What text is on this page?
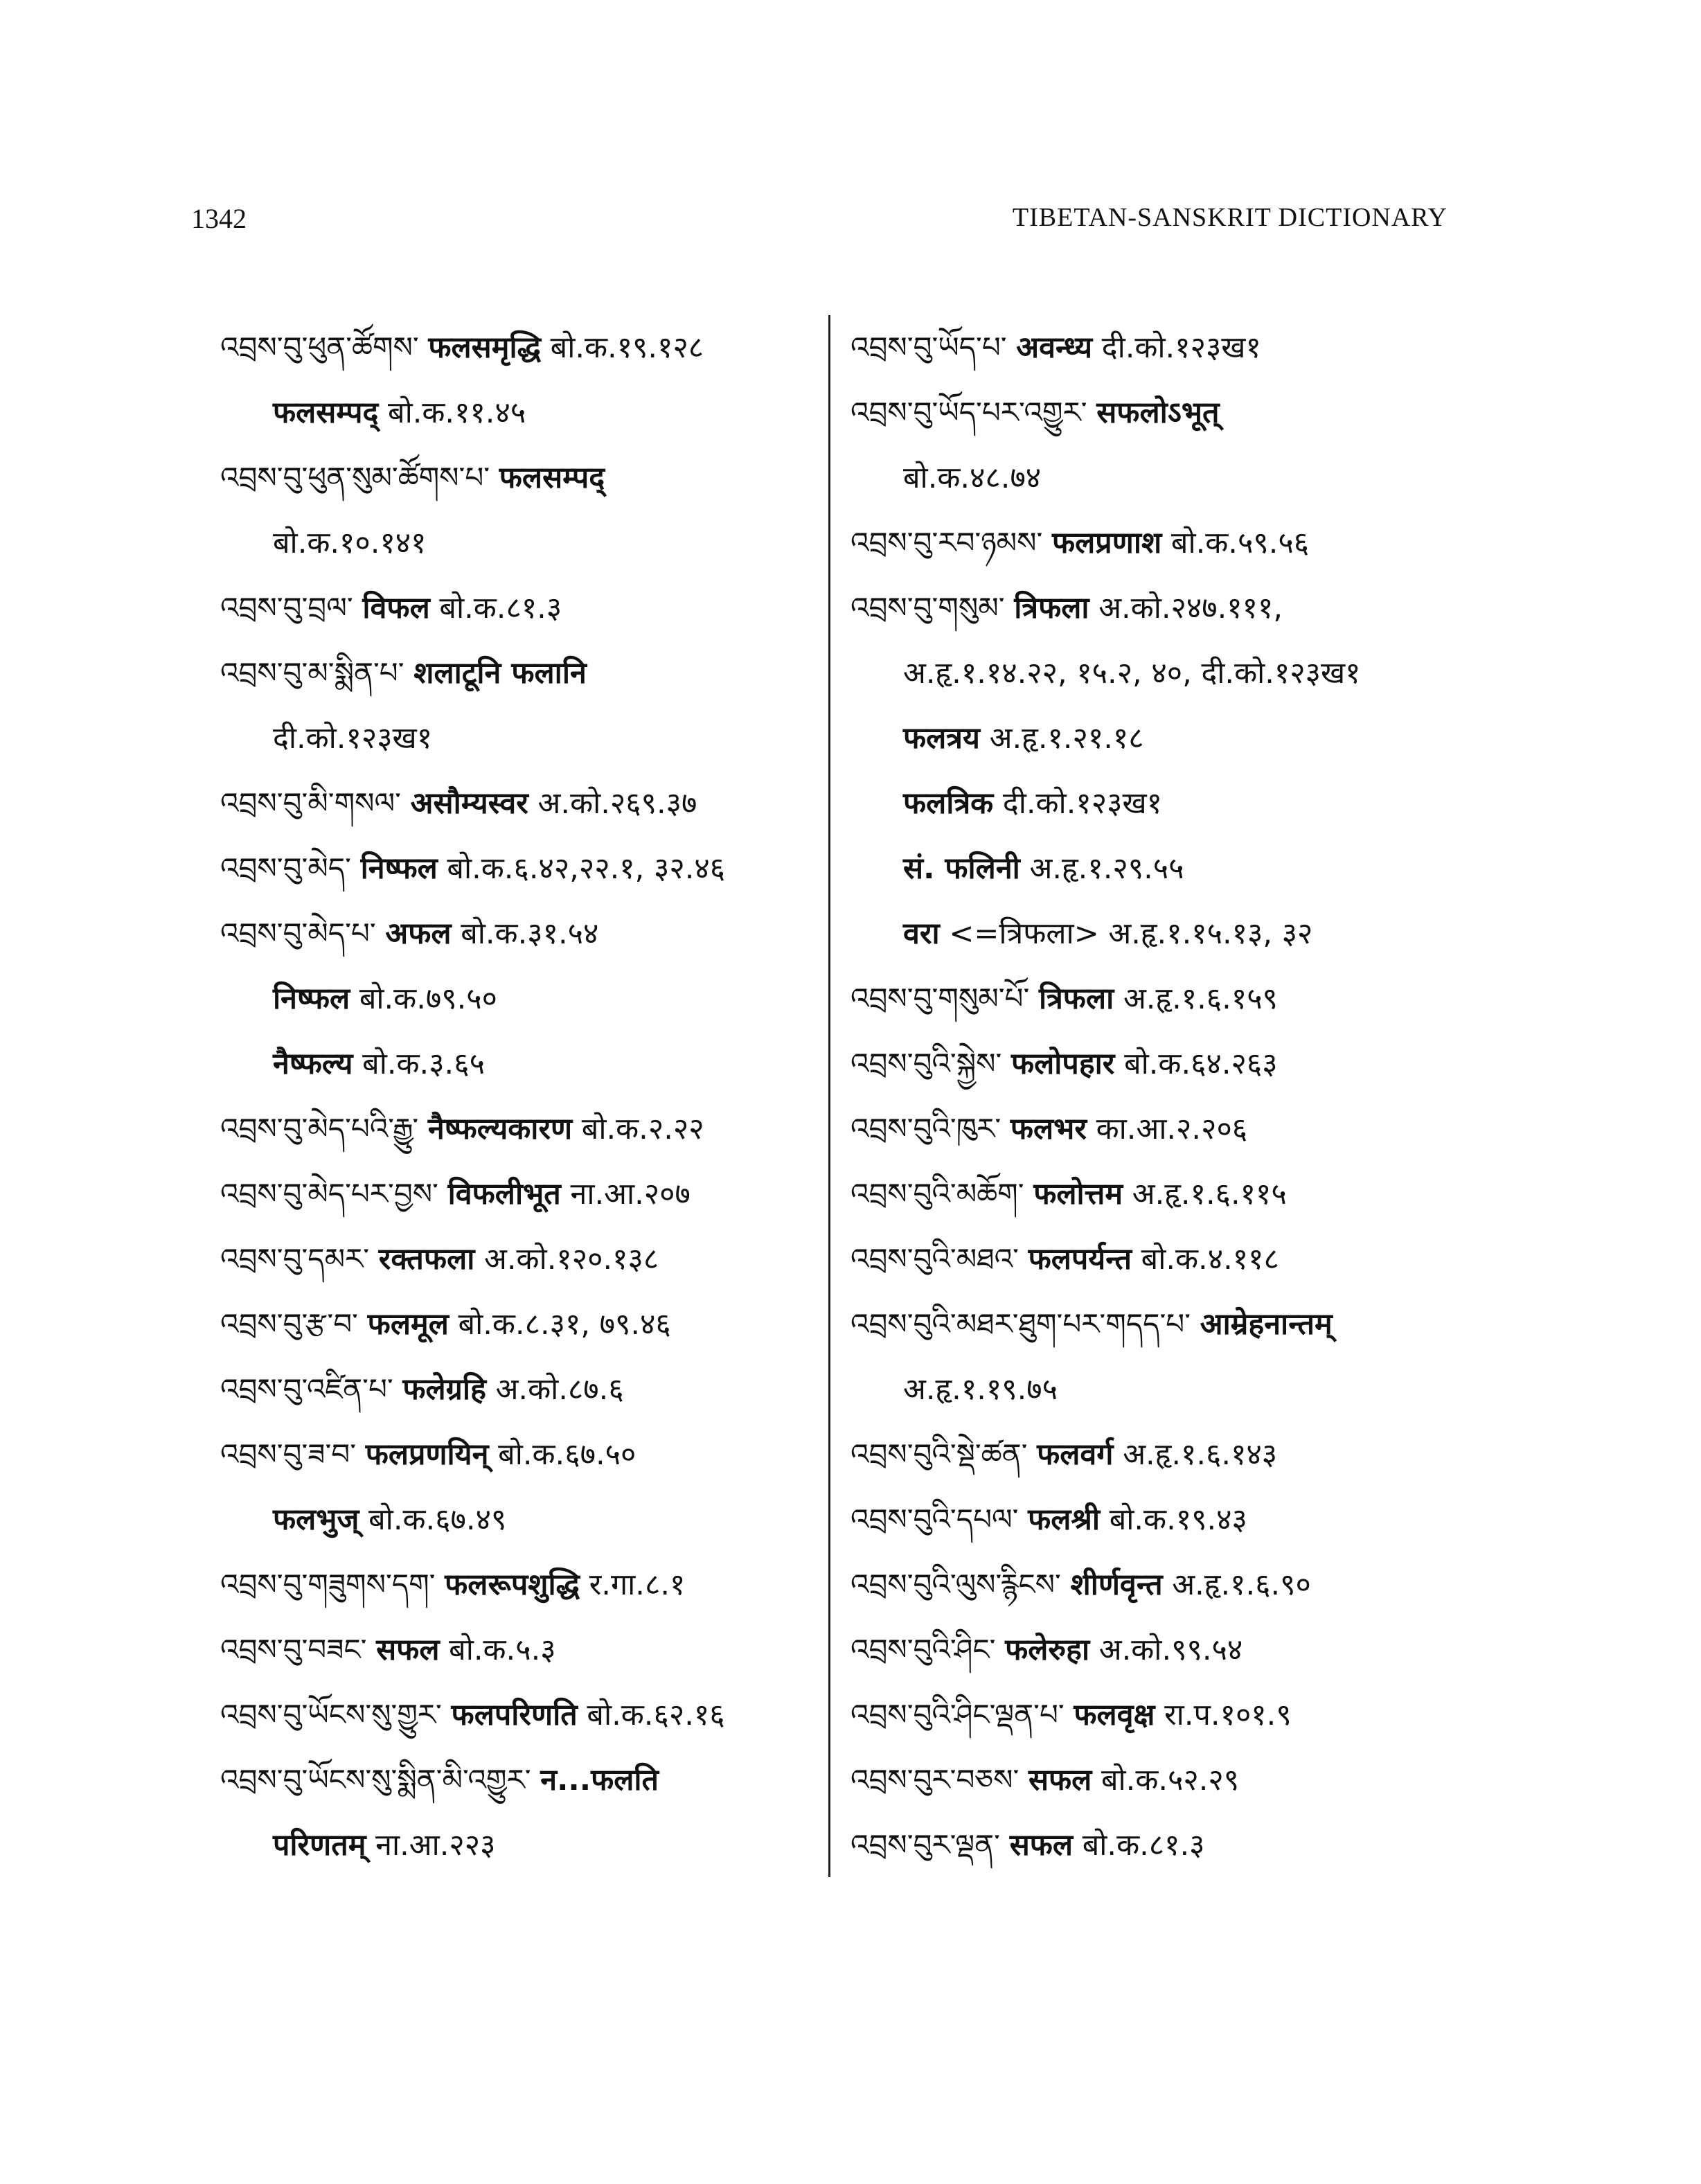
1342	TIBETAN-SANSKRIT DICTIONARY
འབྲས་བུ་ཕུན་ཚོགས་ फलसमृद्धि बो.क.१९.१२८
फलसम्पद् बो.क.११.४५
འབྲས་བུ་ཕུན་སུམ་ཚོགས་པ་ फलसम्पद्
बो.क.१०.१४१
འབྲས་བུ་བྲལ་ विफल बो.क.८१.३
འབྲས་བུ་མ་སྨིན་པ་ शलाटूनि फलानि
दी.को.१२३ख१
འབྲས་བུ་མི་གསལ་ असौम्यस्वर अ.को.२६९.३७
འབྲས་བུ་མེད་ निष्फल बो.क.६.४२,२२.१, ३२.४६
འབྲས་བུ་མེད་པ་ अफल बो.क.३१.५४
निष्फल बो.क.७९.५०
नैष्फल्य बो.क.३.६५
འབྲས་བུ་མེད་པའི་རྒྱུ་ नैष्फल्यकारण बो.क.२.२२
འབྲས་བུ་མེད་པར་བྱས་ विफलीभूत ना.आ.२०७
འབྲས་བུ་དམར་ रक्तफला अ.को.१२०.१३८
འབྲས་བུ་རྩ་བ་ फलमूल बो.क.८.३१, ७९.४६
འབྲས་བུ་འཛིན་པ་ फलेग्रहि अ.को.८७.६
འབྲས་བུ་ཟ་བ་ फलप्रणयिन् बो.क.६७.५०
फलभुज् बो.क.६७.४९
འབྲས་བུ་གཟུགས་དག་ फलरूपशुद्धि र.गा.८.१
འབྲས་བུ་བཟང་ सफल बो.क.५.३
འབྲས་བུ་ཡོངས་སུ་གྱུར་ फलपरिणति बो.क.६२.१६
འབྲས་བུ་ཡོངས་སུ་སྨིན་མི་འགྱུར་ न...फलति
परिणतम् ना.आ.२२३
འབྲས་བུ་ཡོད་པ་ अवन्ध्य दी.को.१२३ख१
འབྲས་བུ་ཡོད་པར་འགྱུར་ सफलोऽभूत्
बो.क.४८.७४
འབྲས་བུ་རབ་ཉམས་ फलप्रणाश बो.क.५९.५६
འབྲས་བུ་གསུམ་ त्रिफला अ.को.२४७.१११,
अ.हृ.१.१४.२२, १५.२, ४०, दी.को.१२३ख१
फलत्रय अ.हृ.१.२१.१८
फलत्रिक दी.को.१२३ख१
सं. फलिनी अ.हृ.१.२९.५५
वरा <=त्रिफला> अ.हृ.१.१५.१३, ३२
འབྲས་བུ་གསུམ་པོ་ त्रिफला अ.हृ.१.६.१५९
འབྲས་བུའི་སྐྱེས་ फलोपहार बो.क.६४.२६३
འབྲས་བུའི་ཁུར་ फलभर का.आ.२.२०६
འབྲས་བུའི་མཆོག་ फलोत्तम अ.हृ.१.६.११५
འབྲས་བུའི་མཐའ་ फलपर्यन्त बो.क.४.११८
འབྲས་བུའི་མཐར་ཐུག་པར་གདད་པ་ आम्रेहनान्तम्
अ.हृ.१.१९.७५
འབྲས་བུའི་སྡེ་ཚན་ फलवर्ग अ.हृ.१.६.१४३
འབྲས་བུའི་དཔལ་ फलश्री बो.क.१९.४३
འབྲས་བུའི་ལུས་རྙིངས་ शीर्णवृन्त अ.हृ.१.६.९०
འབྲས་བུའི་ཤིང་ फलेरुहा अ.को.९९.५४
འབྲས་བུའི་ཤིང་ལྡན་པ་ फलवृक्ष रा.प.१०१.९
འབྲས་བུར་བཅས་ सफल बो.क.५२.२९
འབྲས་བུར་ལྡན་ सफल बो.क.८१.३
